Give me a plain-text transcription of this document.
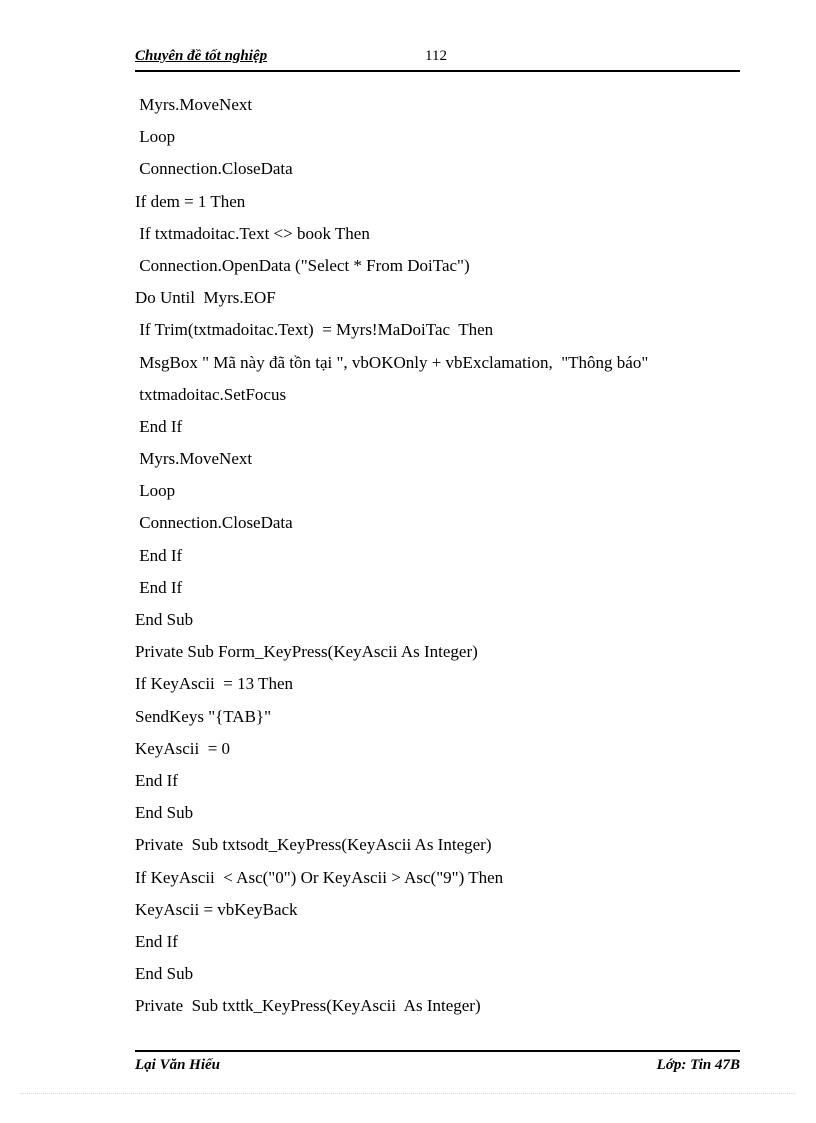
Chuyên đề tốt nghiệp	112
Myrs.MoveNext
Loop
Connection.CloseData
If dem = 1 Then
If txtmadoitac.Text <> book Then
Connection.OpenData ("Select * From DoiTac")
Do Until  Myrs.EOF
If Trim(txtmadoitac.Text)  = Myrs!MaDoiTac  Then
MsgBox " Mã này đã tồn tại ", vbOKOnly + vbExclamation,  "Thông báo"
txtmadoitac.SetFocus
End If
Myrs.MoveNext
Loop
Connection.CloseData
End If
End If
End Sub
Private Sub Form_KeyPress(KeyAscii As Integer)
If KeyAscii  = 13 Then
SendKeys "{TAB}"
KeyAscii  = 0
End If
End Sub
Private  Sub txtsodt_KeyPress(KeyAscii As Integer)
If KeyAscii  < Asc("0") Or KeyAscii > Asc("9") Then
KeyAscii = vbKeyBack
End If
End Sub
Private  Sub txttk_KeyPress(KeyAscii  As Integer)
Lại Văn Hiếu	Lớp: Tin 47B
